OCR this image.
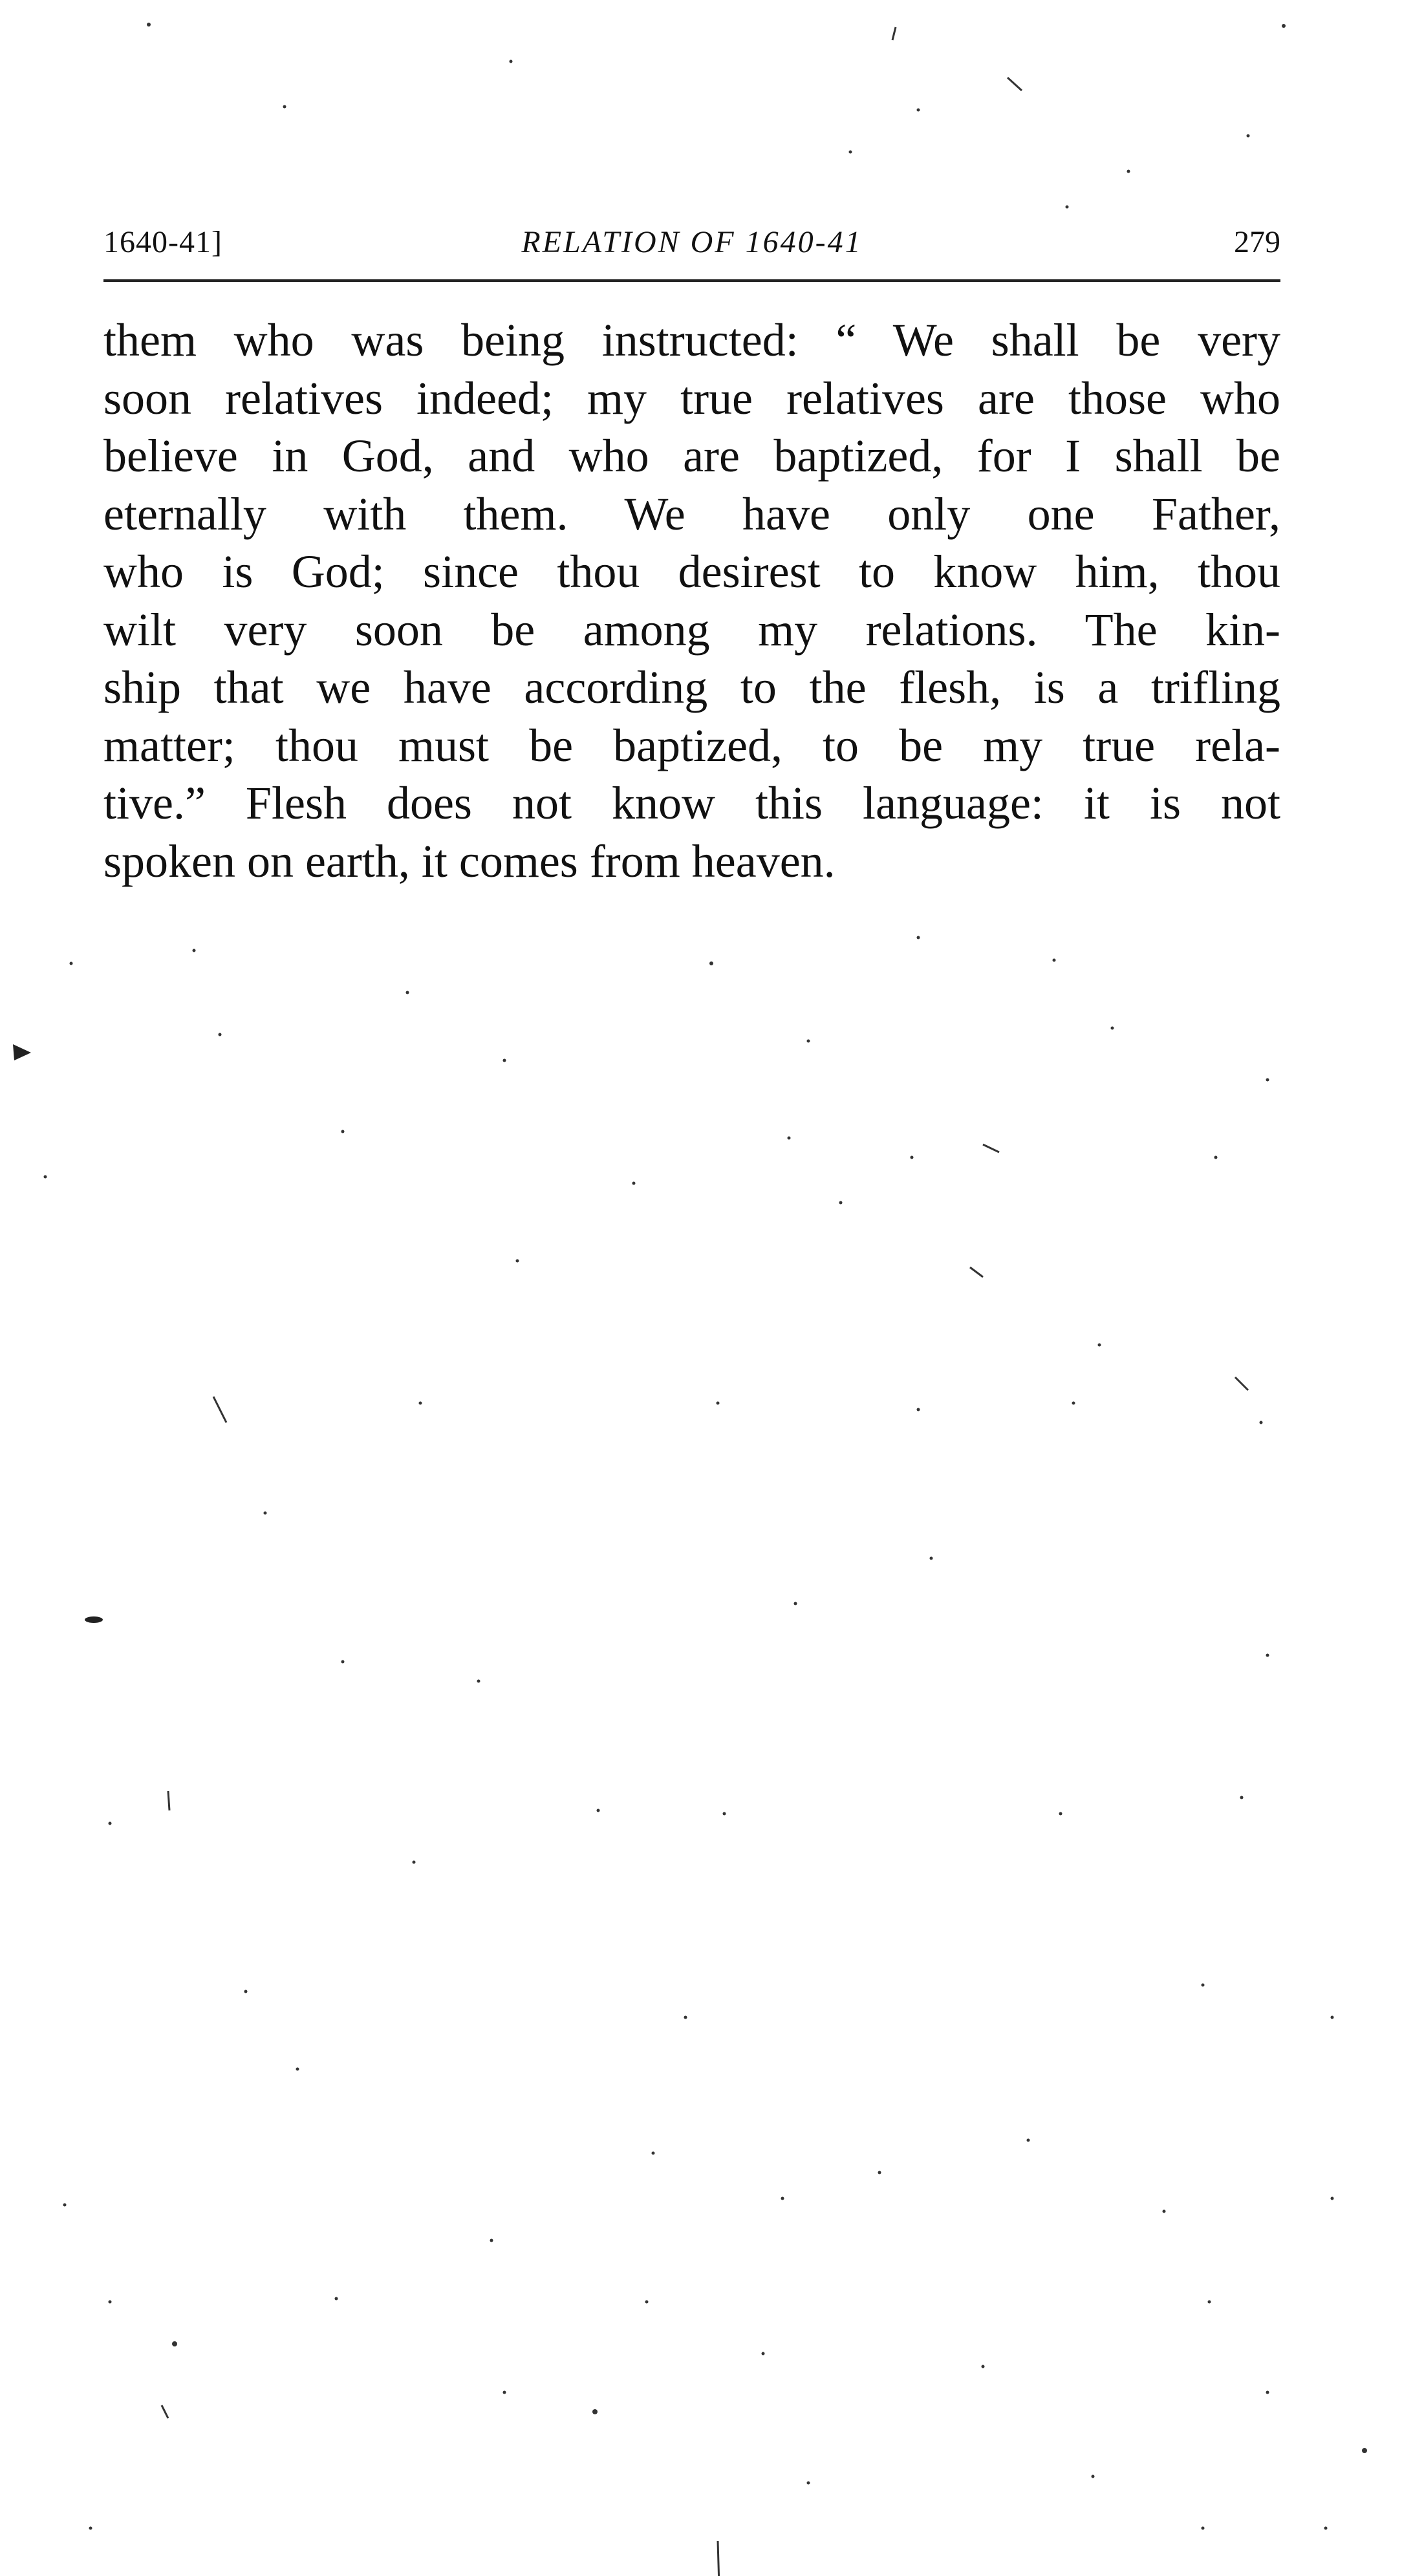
1640-41]	RELATION OF 1640-41	279
them who was being instructed: “ We shall be very
soon relatives indeed; my true relatives are those who
believe in God, and who are baptized, for I shall be
eternally with them. We have only one Father,
who is God; since thou desirest to know him, thou
wilt very soon be among my relations. The kin-
ship that we have according to the flesh, is a trifling
matter; thou must be baptized, to be my true rela-
tive.” Flesh does not know this language: it is not
spoken on earth, it comes from heaven.
